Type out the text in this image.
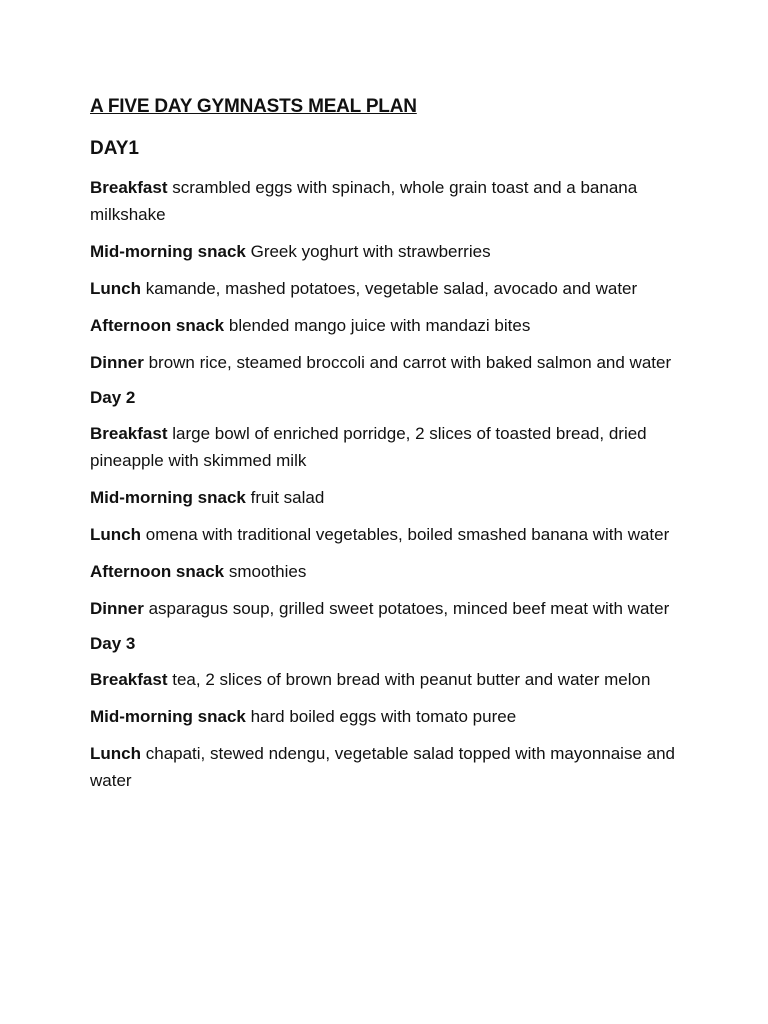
A FIVE DAY GYMNASTS MEAL PLAN
DAY1

Breakfast scrambled eggs with spinach, whole grain toast and a banana milkshake

Mid-morning snack Greek yoghurt with strawberries

Lunch kamande, mashed potatoes, vegetable salad, avocado and water

Afternoon snack blended mango juice with mandazi bites

Dinner brown rice, steamed broccoli and carrot with baked salmon and water

Day 2

Breakfast large bowl of enriched porridge, 2 slices of toasted bread, dried pineapple with skimmed milk

Mid-morning snack fruit salad

Lunch omena with traditional vegetables, boiled smashed banana with water

Afternoon snack smoothies

Dinner asparagus soup, grilled sweet potatoes, minced beef meat with water

Day 3

Breakfast tea, 2 slices of brown bread with peanut butter and water melon

Mid-morning snack hard boiled eggs with tomato puree

Lunch chapati, stewed ndengu, vegetable salad topped with mayonnaise and water
